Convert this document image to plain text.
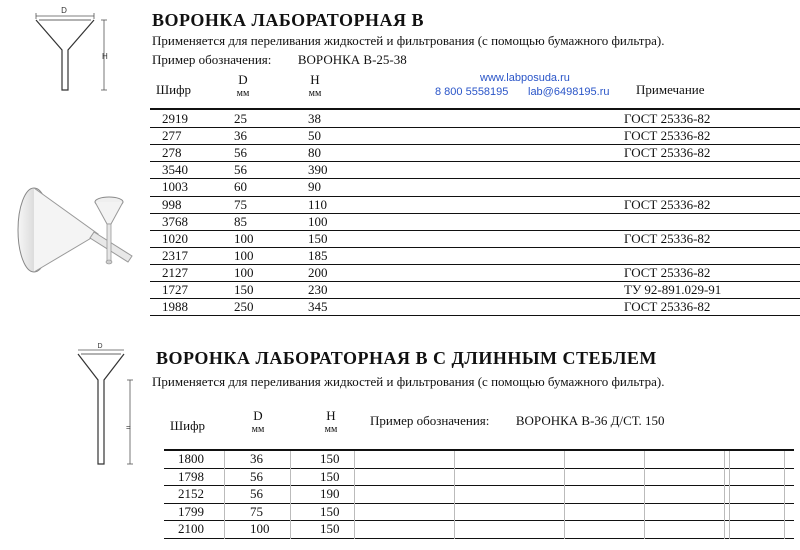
D
H
ВОРОНКА ЛАБОРАТОРНАЯ В
Применяется для переливания жидкостей и фильтрования (с помощью бумажного фильтра).
Пример обозначения: ВОРОНКА В-25-38
www.labposuda.ru
8 800 5558195 lab@6498195.ru
Шифр
D
мм
H
мм	Примечание
2919	25	38	ГОСТ 25336-82
277	36	50	ГОСТ 25336-82
278	56	80	ГОСТ 25336-82
3540	56	390
1003	60	90
998	75	110	ГОСТ 25336-82
3768	85	100
1020	100	150	ГОСТ 25336-82
2317	100	185
2127	100	200	ГОСТ 25336-82
1727	150	230	ТУ 92-891.029-91
1988	250	345	ГОСТ 25336-82
D
=
ВОРОНКА ЛАБОРАТОРНАЯ В С ДЛИННЫМ СТЕБЛЕМ
Применяется для переливания жидкостей и фильтрования (с помощью бумажного фильтра).
Шифр
D
мм
H
мм
Пример обозначения: ВОРОНКА В-36 Д/СТ. 150
1800	36	150
1798	56	150
2152	56	190
1799	75	150
2100	100	150
